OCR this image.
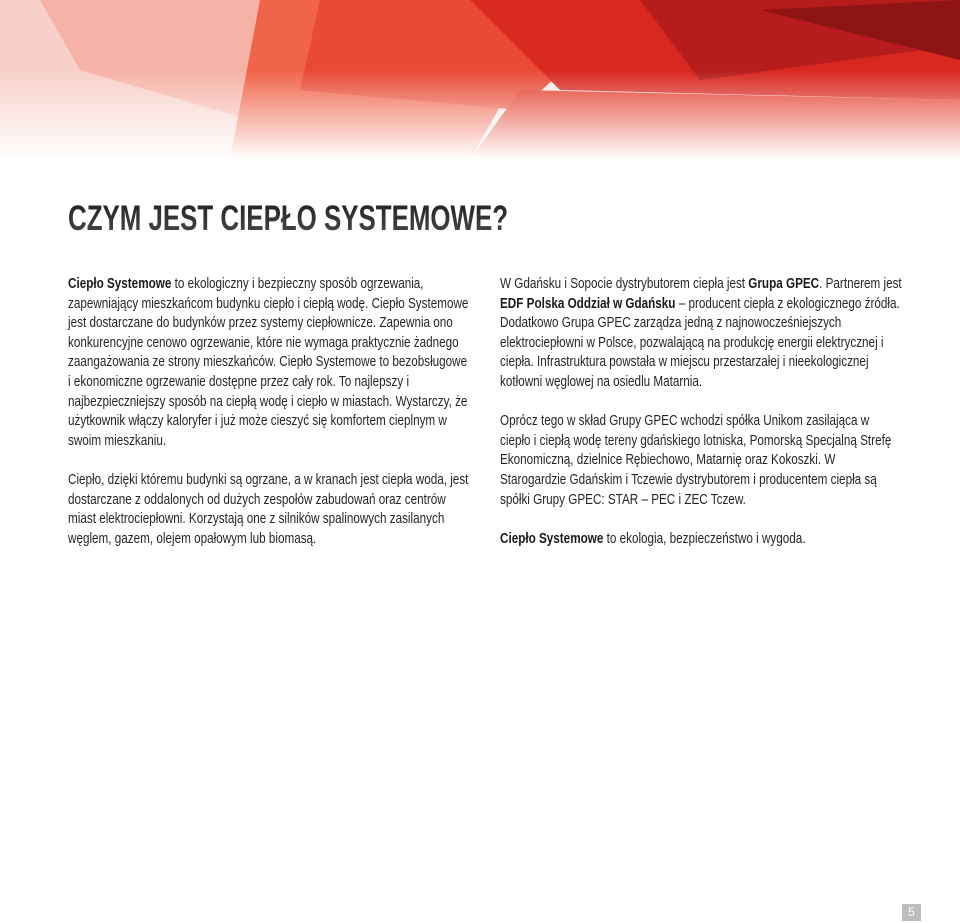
CZYM JEST CIEPŁO SYSTEMOWE?

Ciepło Systemowe to ekologiczny i bezpieczny sposób ogrzewania, zapewniający mieszkańcom budynku ciepło i ciepłą wodę. Ciepło Systemowe jest dostarczane do budynków przez systemy ciepłownicze. Zapewnia ono konkurencyjne cenowo ogrzewanie, które nie wymaga praktycznie żadnego zaangażowania ze strony mieszkańców. Ciepło Systemowe to bezobsługowe i ekonomiczne ogrzewanie dostępne przez cały rok. To najlepszy i najbezpieczniejszy sposób na ciepłą wodę i ciepło w miastach. Wystarczy, że użytkownik włączy kaloryfer i już może cieszyć się komfortem cieplnym w swoim mieszkaniu.

Ciepło, dzięki któremu budynki są ogrzane, a w kranach jest ciepła woda, jest dostarczane z oddalonych od dużych zespołów zabudowań oraz centrów miast elektrociepłowni. Korzystają one z silników spalinowych zasilanych węglem, gazem, olejem opałowym lub biomasą.

W Gdańsku i Sopocie dystrybutorem ciepła jest Grupa GPEC. Partnerem jest EDF Polska Oddział w Gdańsku – producent ciepła z ekologicznego źródła. Dodatkowo Grupa GPEC zarządza jedną z najnowocześniejszych elektrociepłowni w Polsce, pozwalającą na produkcję energii elektrycznej i ciepła. Infrastruktura powstała w miejscu przestarzałej i nieekologicznej kotłowni węglowej na osiedlu Matarnia.

Oprócz tego w skład Grupy GPEC wchodzi spółka Unikom zasilająca w ciepło i ciepłą wodę tereny gdańskiego lotniska, Pomorską Specjalną Strefę Ekonomiczną, dzielnice Rębiechowo, Matarnię oraz Kokoszki. W Starogardzie Gdańskim i Tczewie dystrybutorem i producentem ciepła są spółki Grupy GPEC: STAR – PEC i ZEC Tczew.

Ciepło Systemowe to ekologia, bezpieczeństwo i wygoda.

5
